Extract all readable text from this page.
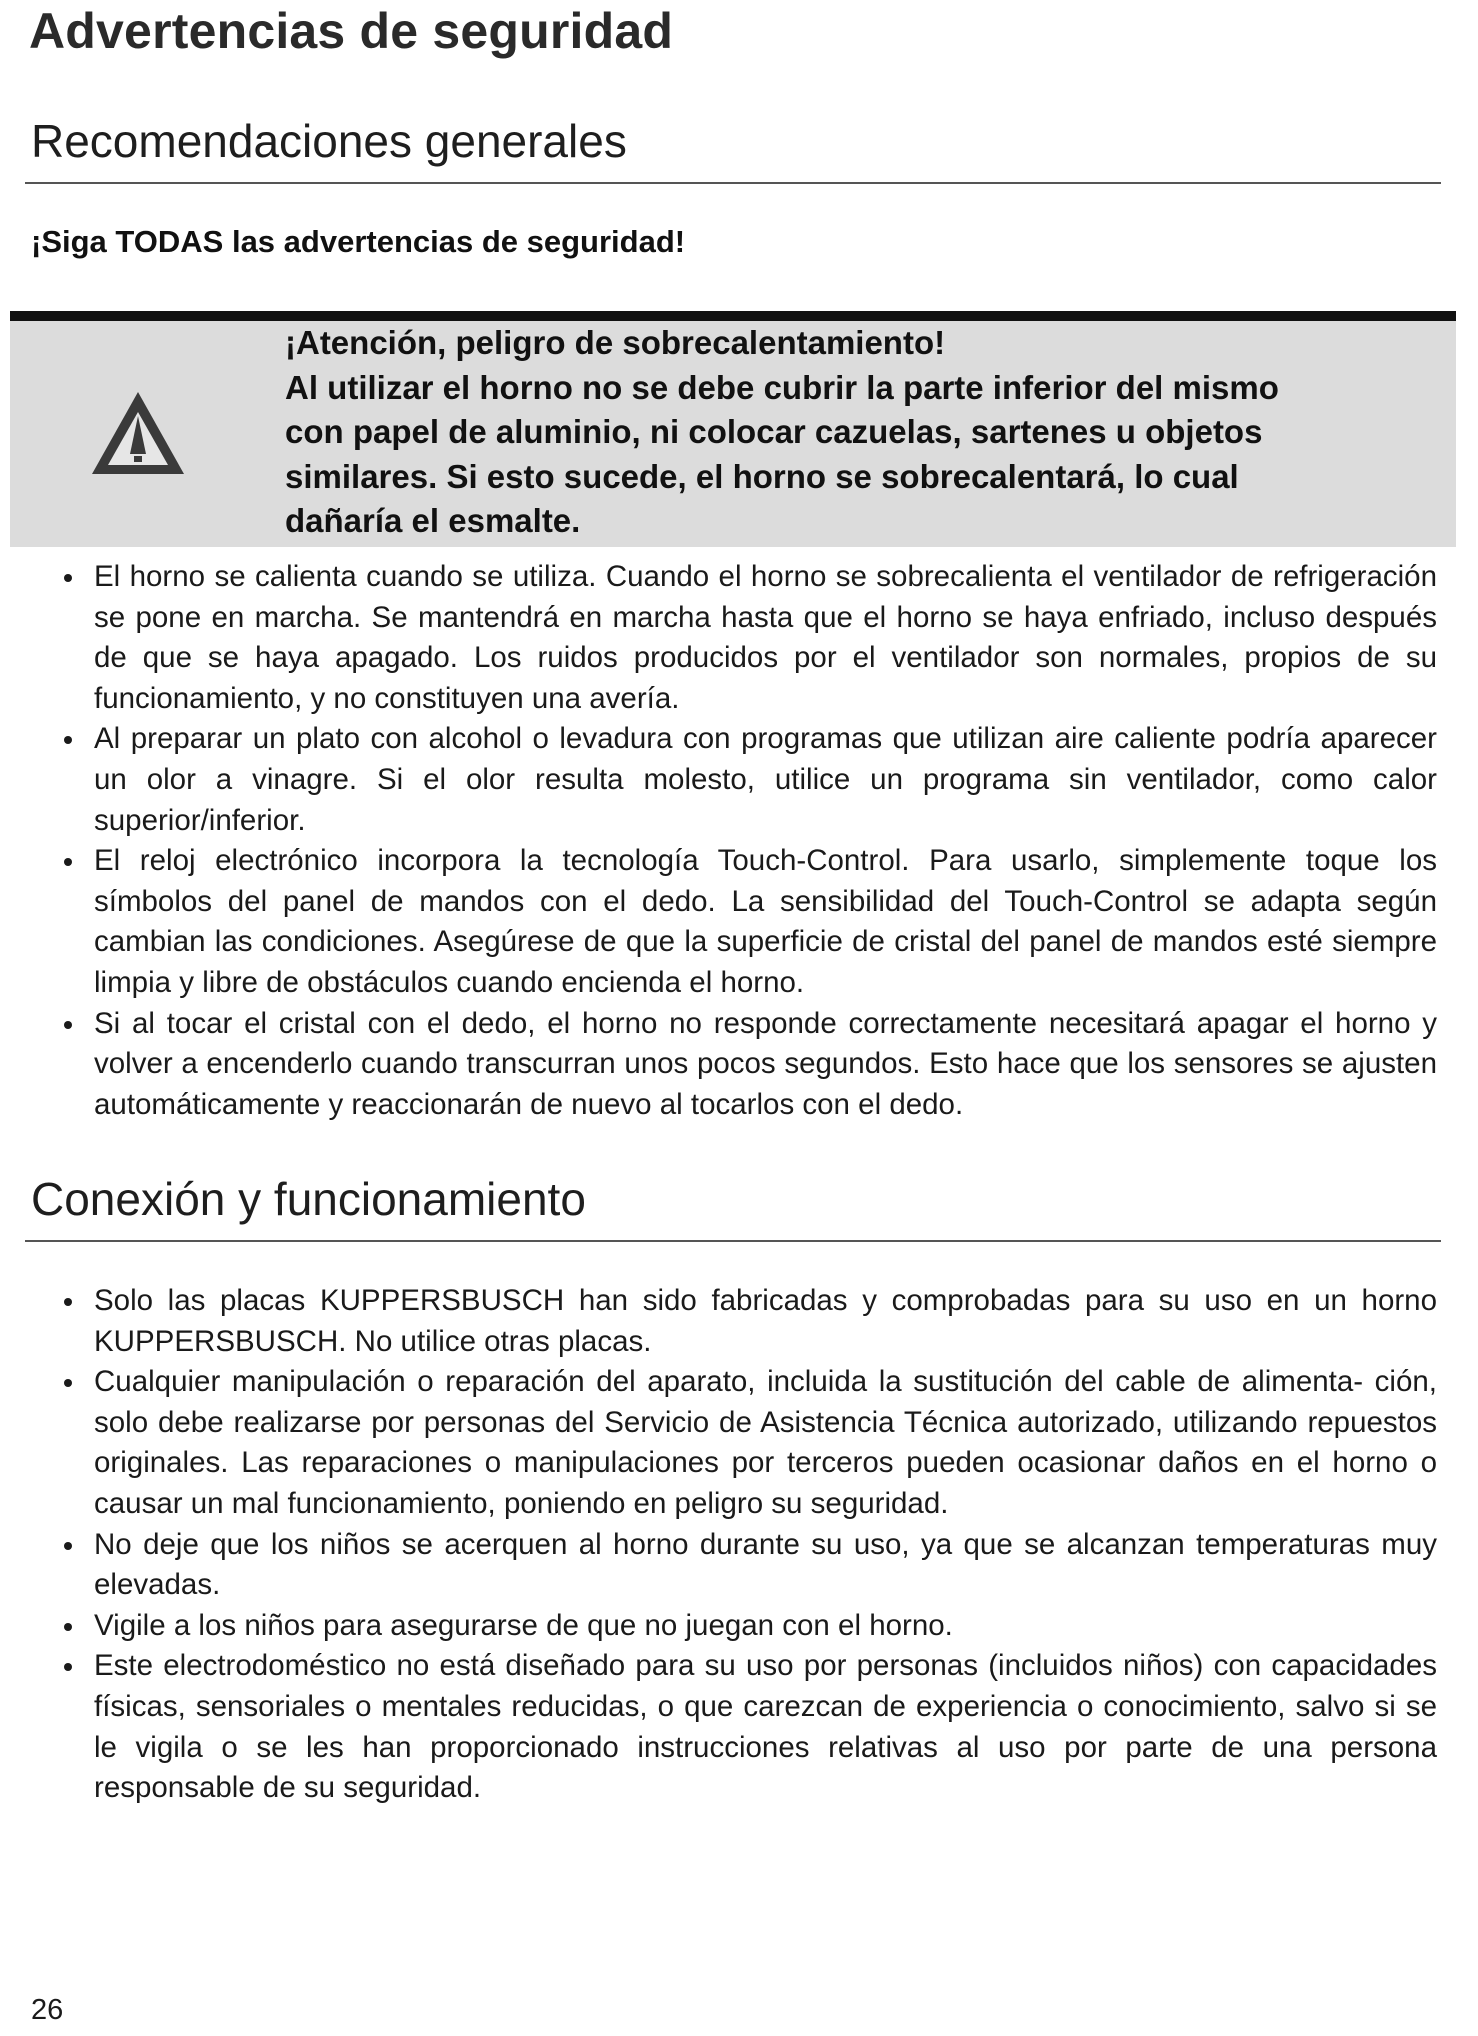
Advertencias de seguridad
Recomendaciones generales

¡Siga TODAS las advertencias de seguridad!

¡Atención, peligro de sobrecalentamiento!
Al utilizar el horno no se debe cubrir la parte inferior del mismo
con papel de aluminio, ni colocar cazuelas, sartenes u objetos
similares. Si esto sucede, el horno se sobrecalentará, lo cual
dañaría el esmalte.
El horno se calienta cuando se utiliza. Cuando el horno se sobrecalienta el ventilador de refrigeración se pone en marcha. Se mantendrá en marcha hasta que el horno se haya enfriado, incluso después de que se haya apagado. Los ruidos producidos por el ventilador son normales, propios de su funcionamiento, y no constituyen una avería.
Al preparar un plato con alcohol o levadura con programas que utilizan aire caliente podría aparecer un olor a vinagre. Si el olor resulta molesto, utilice un programa sin ventilador, como calor superior/inferior.
El reloj electrónico incorpora la tecnología Touch-Control. Para usarlo, simplemente toque los símbolos del panel de mandos con el dedo. La sensibilidad del Touch-Control se adapta según cambian las condiciones. Asegúrese de que la superficie de cristal del panel de mandos esté siempre limpia y libre de obstáculos cuando encienda el horno.
Si al tocar el cristal con el dedo, el horno no responde correctamente necesitará apagar el horno y volver a encenderlo cuando transcurran unos pocos segundos. Esto hace que los sensores se ajusten automáticamente y reaccionarán de nuevo al tocarlos con el dedo.
Conexión y funcionamiento
Solo las placas KUPPERSBUSCH han sido fabricadas y comprobadas para su uso en un horno KUPPERSBUSCH. No utilice otras placas.
Cualquier manipulación o reparación del aparato, incluida la sustitución del cable de alimenta- ción, solo debe realizarse por personas del Servicio de Asistencia Técnica autorizado, utilizando repuestos originales. Las reparaciones o manipulaciones por terceros pueden ocasionar daños en el horno o causar un mal funcionamiento, poniendo en peligro su seguridad.
No deje que los niños se acerquen al horno durante su uso, ya que se alcanzan temperaturas muy elevadas.
Vigile a los niños para asegurarse de que no juegan con el horno.
Este electrodoméstico no está diseñado para su uso por personas (incluidos niños) con capacidades físicas, sensoriales o mentales reducidas, o que carezcan de experiencia o conocimiento, salvo si se le vigila o se les han proporcionado instrucciones relativas al uso por parte de una persona responsable de su seguridad.
26
